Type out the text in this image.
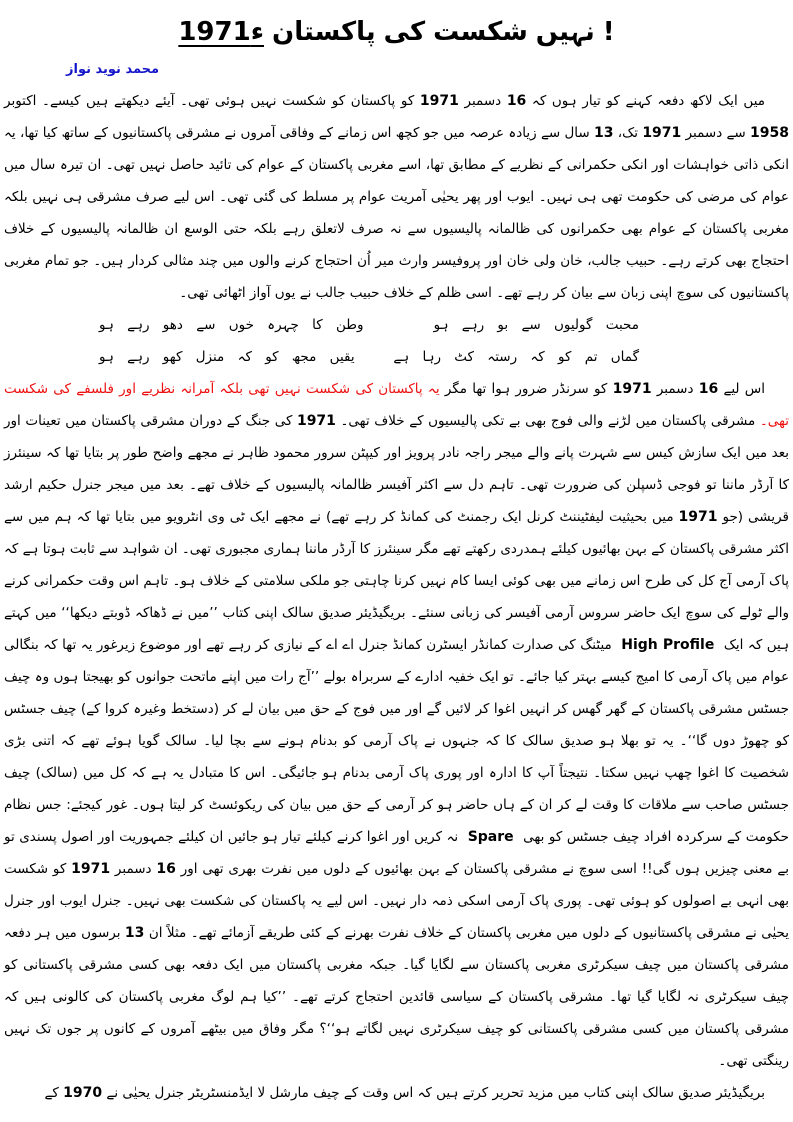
1971ء پاکستان کی شکست نہیں !
محمد نوید نواز

میں ایک لاکھ دفعہ کہنے کو تیار ہوں کہ 16 دسمبر 1971 کو پاکستان کو شکست نہیں ہوئی تھی۔ آیئے دیکھتے ہیں کیسے۔ اکتوبر 1958 سے دسمبر 1971 تک، 13 سال سے زیادہ عرصہ میں جو کچھ اس زمانے کے وفاقی آمروں نے مشرقی پاکستانیوں کے ساتھ کیا تھا، یہ انکی ذاتی خواہشات اور انکی حکمرانی کے نظریے کے مطابق تھا، اسے مغربی پاکستان کے عوام کی تائید حاصل نہیں تھی۔ ان تیرہ سال میں عوام کی مرضی کی حکومت تھی ہی نہیں۔ ایوب اور پھر یحیٰی آمریت عوام پر مسلط کی گئی تھی۔ اس لیے صرف مشرقی ہی نہیں بلکہ مغربی پاکستان کے عوام بھی حکمرانوں کی ظالمانہ پالیسیوں سے نہ صرف لاتعلق رہے بلکہ حتی الوسع ان ظالمانہ پالیسیوں کے خلاف احتجاج بھی کرتے رہے۔ حبیب جالب، خان ولی خان اور پروفیسر وارث میر اُن احتجاج کرنے والوں میں چند مثالی کردار ہیں۔ جو تمام مغربی پاکستانیوں کی سوچ اپنی زبان سے بیان کر رہے تھے۔ اسی ظلم کے خلاف حبیب جالب نے یوں آواز اٹھائی تھی۔

محبت گولیوں سے بو رہے ہو
وطن کا چہرہ خوں سے دھو رہے ہو
گماں تم کو کہ رستہ کٹ رہا ہے
یقیں مجھ کو کہ منزل کھو رہے ہو

اس لیے 16 دسمبر 1971 کو سرنڈر ضرور ہوا تھا مگر یہ پاکستان کی شکست نہیں تھی بلکہ آمرانہ نظریے اور فلسفے کی شکست تھی۔ مشرقی پاکستان میں لڑنے والی فوج بھی بے تکی پالیسیوں کے خلاف تھی۔ 1971 کی جنگ کے دوران مشرقی پاکستان میں تعینات اور بعد میں ایک سازش کیس سے شہرت پانے والے میجر راجہ نادر پرویز اور کیپٹن سرور محمود ظاہر نے مجھے واضح طور پر بتایا تھا کہ سینئرز کا آرڈر ماننا تو فوجی ڈسپلن کی ضرورت تھی۔ تاہم دل سے اکثر آفیسر ظالمانہ پالیسیوں کے خلاف تھے۔ بعد میں میجر جنرل حکیم ارشد قریشی (جو 1971 میں بحیثیت لیفٹیننٹ کرنل ایک رجمنٹ کی کمانڈ کر رہے تھے) نے مجھے ایک ٹی وی انٹرویو میں بتایا تھا کہ ہم میں سے اکثر مشرقی پاکستان کے بہن بھائیوں کیلئے ہمدردی رکھتے تھے مگر سینئرز کا آرڈر ماننا ہماری مجبوری تھی۔ ان شواہد سے ثابت ہوتا ہے کہ پاک آرمی آج کل کی طرح اس زمانے میں بھی کوئی ایسا کام نہیں کرنا چاہتی جو ملکی سلامتی کے خلاف ہو۔ تاہم اس وقت حکمرانی کرنے والے ٹولے کی سوچ ایک حاضر سروس آرمی آفیسر کی زبانی سنئے۔ بریگیڈیئر صدیق سالک اپنی کتاب ’’میں نے ڈھاکہ ڈوبتے دیکھا‘‘ میں کہتے ہیں کہ ایک High Profile میٹنگ کی صدارت کمانڈر ایسٹرن کمانڈ جنرل اے اے کے نیازی کر رہے تھے اور موضوع زیرغور یہ تھا کہ بنگالی عوام میں پاک آرمی کا امیج کیسے بہتر کیا جائے۔ تو ایک خفیہ ادارے کے سربراہ بولے ’’آج رات میں اپنے ماتحت جوانوں کو بھیجتا ہوں وہ چیف جسٹس مشرقی پاکستان کے گھر گھس کر انہیں اغوا کر لائیں گے اور میں فوج کے حق میں بیان لے کر (دستخط وغیرہ کروا کے) چیف جسٹس کو چھوڑ دوں گا‘‘۔ یہ تو بھلا ہو صدیق سالک کا کہ جنہوں نے پاک آرمی کو بدنام ہونے سے بچا لیا۔ سالک گویا ہوئے تھے کہ اتنی بڑی شخصیت کا اغوا چھپ نہیں سکتا۔ نتیجتاً آپ کا ادارہ اور پوری پاک آرمی بدنام ہو جائیگی۔ اس کا متبادل یہ ہے کہ کل میں (سالک) چیف جسٹس صاحب سے ملاقات کا وقت لے کر ان کے ہاں حاضر ہو کر آرمی کے حق میں بیان کی ریکوئسٹ کر لیتا ہوں۔ غور کیجئے: جس نظام حکومت کے سرکردہ افراد چیف جسٹس کو بھی Spare نہ کریں اور اغوا کرنے کیلئے تیار ہو جائیں ان کیلئے جمہوریت اور اصول پسندی تو بے معنی چیزیں ہوں گی!! اسی سوچ نے مشرقی پاکستان کے بہن بھائیوں کے دلوں میں نفرت بھری تھی اور 16 دسمبر 1971 کو شکست بھی انہی بے اصولوں کو ہوئی تھی۔ پوری پاک آرمی اسکی ذمہ دار نہیں۔ اس لیے یہ پاکستان کی شکست بھی نہیں۔ جنرل ایوب اور جنرل یحیٰی نے مشرقی پاکستانیوں کے دلوں میں مغربی پاکستان کے خلاف نفرت بھرنے کے کئی طریقے آزمائے تھے۔ مثلاً ان 13 برسوں میں ہر دفعہ مشرقی پاکستان میں چیف سیکرٹری مغربی پاکستان سے لگایا گیا۔ جبکہ مغربی پاکستان میں ایک دفعہ بھی کسی مشرقی پاکستانی کو چیف سیکرٹری نہ لگایا گیا تھا۔ مشرقی پاکستان کے سیاسی قائدین احتجاج کرتے تھے۔ ’’کیا ہم لوگ مغربی پاکستان کی کالونی ہیں کہ مشرقی پاکستان میں کسی مشرقی پاکستانی کو چیف سیکرٹری نہیں لگاتے ہو‘‘؟ مگر وفاق میں بیٹھے آمروں کے کانوں پر جوں تک نہیں رینگتی تھی۔

بریگیڈیئر صدیق سالک اپنی کتاب میں مزید تحریر کرتے ہیں کہ اس وقت کے چیف مارشل لا ایڈمنسٹریٹر جنرل یحیٰی نے 1970 کے
